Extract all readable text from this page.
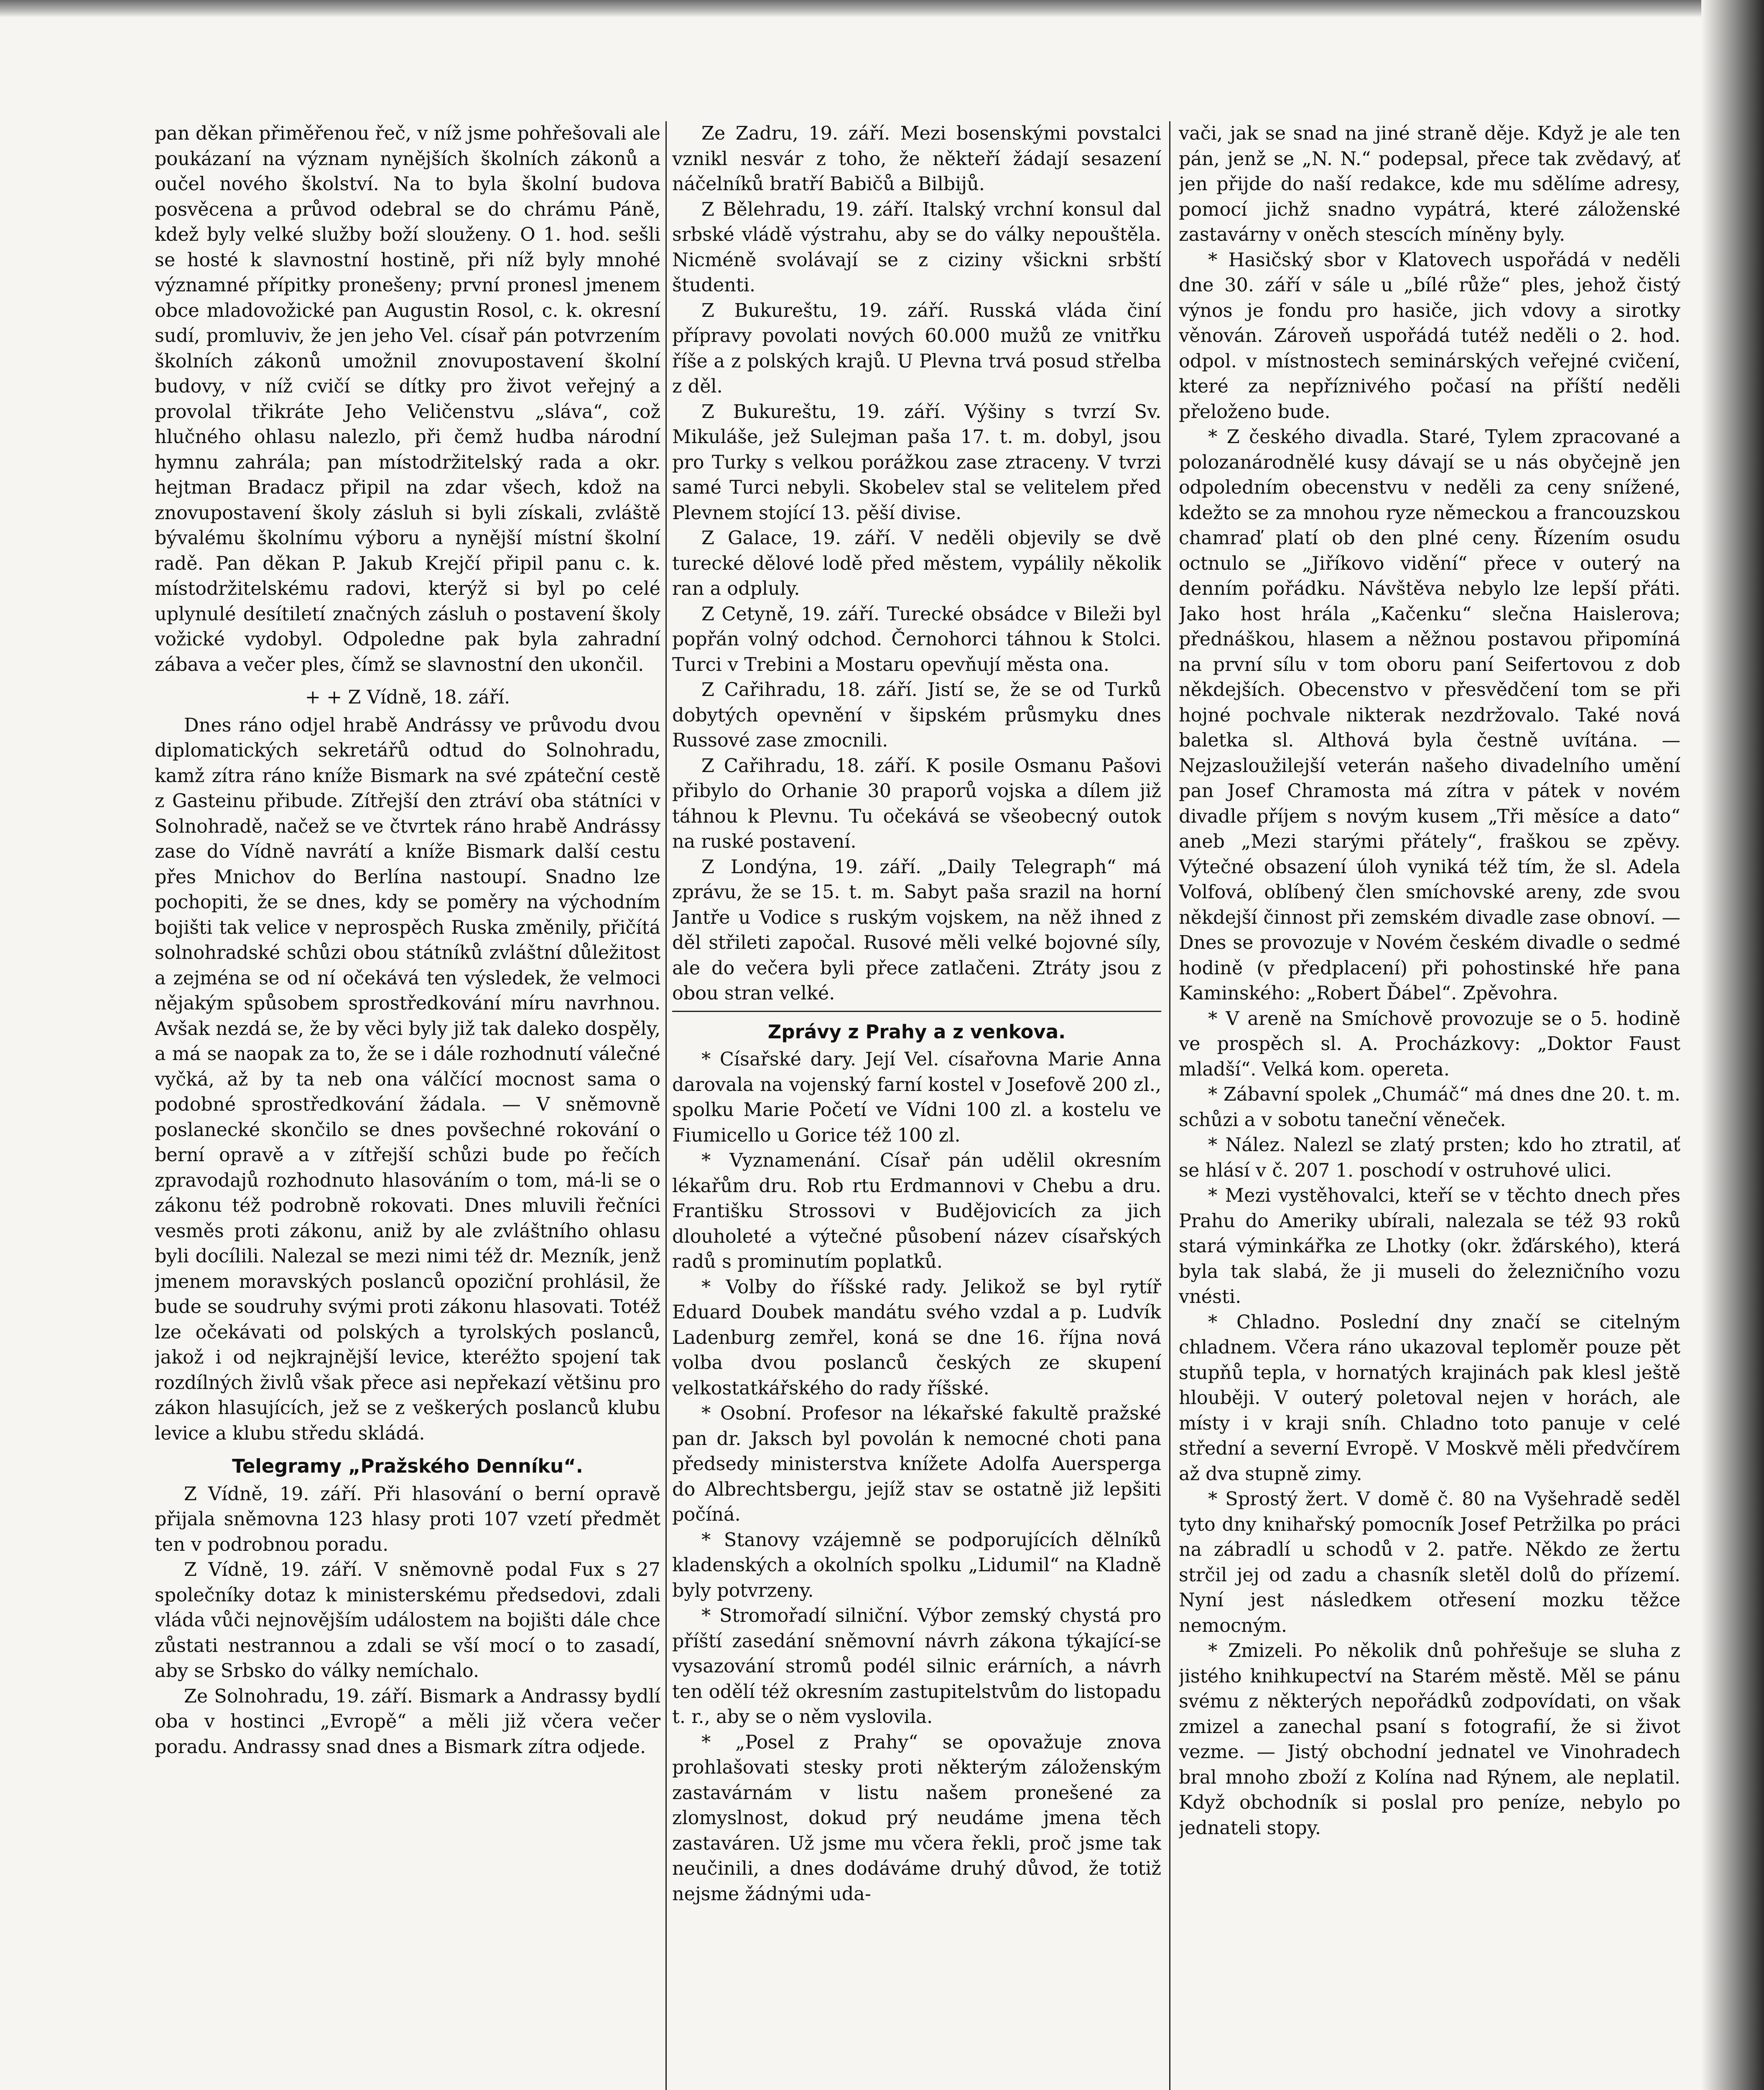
pan děkan přiměřenou řeč, v níž jsme pohřešovali ale poukázaní na význam nynějších školních zákonů a oučel nového školství. Na to byla školní budova posvěcena a průvod odebral se do chrámu Páně, kdež byly velké služby boží slouženy. O 1. hod. sešli se hosté k slavnostní hostině, při níž byly mnohé významné přípitky pronešeny; první pronesl jmenem obce mladovožické pan Augustin Rosol, c. k. okresní sudí, promluviv, že jen jeho Vel. císař pán potvrzením školních zákonů umožnil znovupostavení školní budovy, v níž cvičí se dítky pro život veřejný a provolal třikráte Jeho Veličenstvu „sláva“, což hlučného ohlasu nalezlo, při čemž hudba národní hymnu zahrála; pan místodržitelský rada a okr. hejtman Bradacz připil na zdar všech, kdož na znovupostavení školy zásluh si byli získali, zvláště bývalému školnímu výboru a nynější místní školní radě. Pan děkan P. Jakub Krejčí připil panu c. k. místodržitelskému radovi, kterýž si byl po celé uplynulé desítiletí značných zásluh o postavení školy vožické vydobyl. Odpoledne pak byla zahradní zábava a večer ples, čímž se slavnostní den ukončil.

+ + Z Vídně, 18. září.

Dnes ráno odjel hrabě Andrássy ve průvodu dvou diplomatických sekretářů odtud do Solnohradu, kamž zítra ráno kníže Bismark na své zpáteční cestě z Gasteinu přibude. Zítřejší den ztráví oba státníci v Solnohradě, načež se ve čtvrtek ráno hrabě Andrássy zase do Vídně navrátí a kníže Bismark další cestu přes Mnichov do Berlína nastoupí. Snadno lze pochopiti, že se dnes, kdy se poměry na východním bojišti tak velice v neprospěch Ruska změnily, přičítá solnohradské schůzi obou státníků zvláštní důležitost a zejména se od ní očekává ten výsledek, že velmoci nějakým spůsobem sprostředkování míru navrhnou. Avšak nezdá se, že by věci byly již tak daleko dospěly, a má se naopak za to, že se i dále rozhodnutí válečné vyčká, až by ta neb ona válčící mocnost sama o podobné sprostředkování žádala. — V sněmovně poslanecké skončilo se dnes povšechné rokování o berní opravě a v zítřejší schůzi bude po řečích zpravodajů rozhodnuto hlasováním o tom, má-li se o zákonu též podrobně rokovati. Dnes mluvili řečníci vesměs proti zákonu, aniž by ale zvláštního ohlasu byli docílili. Nalezal se mezi nimi též dr. Mezník, jenž jmenem moravských poslanců opoziční prohlásil, že bude se soudruhy svými proti zákonu hlasovati. Totéž lze očekávati od polských a tyrolských poslanců, jakož i od nejkrajnější levice, kteréžto spojení tak rozdílných živlů však přece asi nepřekazí většinu pro zákon hlasujících, jež se z veškerých poslanců klubu levice a klubu středu skládá.

Telegramy „Pražského Denníku“.

Z Vídně, 19. září. Při hlasování o berní opravě přijala sněmovna 123 hlasy proti 107 vzetí předmět ten v podrobnou poradu.

Z Vídně, 19. září. V sněmovně podal Fux s 27 společníky dotaz k ministerskému předsedovi, zdali vláda vůči nejnovějším událostem na bojišti dále chce zůstati nestrannou a zdali se vší mocí o to zasadí, aby se Srbsko do války nemíchalo.

Ze Solnohradu, 19. září. Bismark a Andrassy bydlí oba v hostinci „Evropě“ a měli již včera večer poradu. Andrassy snad dnes a Bismark zítra odjede.

Ze Zadru, 19. září. Mezi bosenskými povstalci vznikl nesvár z toho, že někteří žádají sesazení náčelníků bratří Babičů a Bilbijů.

Z Bělehradu, 19. září. Italský vrchní konsul dal srbské vládě výstrahu, aby se do války nepouštěla. Nicméně svolávají se z ciziny všickni srbští študenti.

Z Bukureštu, 19. září. Russká vláda činí přípravy povolati nových 60.000 mužů ze vnitřku říše a z polských krajů. U Plevna trvá posud střelba z děl.

Z Bukureštu, 19. září. Výšiny s tvrzí Sv. Mikuláše, jež Sulejman paša 17. t. m. dobyl, jsou pro Turky s velkou porážkou zase ztraceny. V tvrzi samé Turci nebyli. Skobelev stal se velitelem před Plevnem stojící 13. pěší divise.

Z Galace, 19. září. V neděli objevily se dvě turecké dělové lodě před městem, vypálily několik ran a odpluly.

Z Cetyně, 19. září. Turecké obsádce v Bileži byl popřán volný odchod. Černohorci táhnou k Stolci. Turci v Trebini a Mostaru opevňují města ona.

Z Cařihradu, 18. září. Jistí se, že se od Turků dobytých opevnění v šipském průsmyku dnes Russové zase zmocnili.

Z Cařihradu, 18. září. K posile Osmanu Pašovi přibylo do Orhanie 30 praporů vojska a dílem již táhnou k Plevnu. Tu očekává se všeobecný outok na ruské postavení.

Z Londýna, 19. září. „Daily Telegraph“ má zprávu, že se 15. t. m. Sabyt paša srazil na horní Jantře u Vodice s ruským vojskem, na něž ihned z děl střileti započal. Rusové měli velké bojovné síly, ale do večera byli přece zatlačeni. Ztráty jsou z obou stran velké.

Zprávy z Prahy a z venkova.

* Císařské dary. Její Vel. císařovna Marie Anna darovala na vojenský farní kostel v Josefově 200 zl., spolku Marie Početí ve Vídni 100 zl. a kostelu ve Fiumicello u Gorice též 100 zl.

* Vyznamenání. Císař pán udělil okresním lékařům dru. Rob rtu Erdmannovi v Chebu a dru. Františku Strossovi v Budějovicích za jich dlouholeté a výtečné působení název císařských radů s prominutím poplatků.

* Volby do říšské rady. Jelikož se byl rytíř Eduard Doubek mandátu svého vzdal a p. Ludvík Ladenburg zemřel, koná se dne 16. října nová volba dvou poslanců českých ze skupení velkostatkářského do rady říšské.

* Osobní. Profesor na lékařské fakultě pražské pan dr. Jaksch byl povolán k nemocné choti pana předsedy ministerstva knížete Adolfa Auersperga do Albrechtsbergu, jejíž stav se ostatně již lepšiti počíná.

* Stanovy vzájemně se podporujících dělníků kladenských a okolních spolku „Lidumil“ na Kladně byly potvrzeny.

* Stromořadí silniční. Výbor zemský chystá pro příští zasedání sněmovní návrh zákona týkající-se vysazování stromů podél silnic erárních, a návrh ten odělí též okresním zastupitelstvům do listopadu t. r., aby se o něm vyslovila.

* „Posel z Prahy“ se opovažuje znova prohlašovati stesky proti některým záloženským zastavárnám v listu našem pronešené za zlomyslnost, dokud prý neudáme jmena těch zastaváren. Už jsme mu včera řekli, proč jsme tak neučinili, a dnes dodáváme druhý důvod, že totiž nejsme žádnými uda-

vači, jak se snad na jiné straně děje. Když je ale ten pán, jenž se „N. N.“ podepsal, přece tak zvědavý, ať jen přijde do naší redakce, kde mu sdělíme adresy, pomocí jichž snadno vypátrá, které záloženské zastavárny v oněch stescích míněny byly.

* Hasičský sbor v Klatovech uspořádá v neděli dne 30. září v sále u „bílé růže“ ples, jehož čistý výnos je fondu pro hasiče, jich vdovy a sirotky věnován. Zároveň uspořádá tutéž neděli o 2. hod. odpol. v místnostech seminárských veřejné cvičení, které za nepříznivého počasí na příští neděli přeloženo bude.

* Z českého divadla. Staré, Tylem zpracované a polozanárodnělé kusy dávají se u nás obyčejně jen odpoledním obecenstvu v neděli za ceny snížené, kdežto se za mnohou ryze německou a francouzskou chamraď platí ob den plné ceny. Řízením osudu octnulo se „Jiříkovo vidění“ přece v outerý na denním pořádku. Návštěva nebylo lze lepší přáti. Jako host hrála „Kačenku“ slečna Haislerova; přednáškou, hlasem a něžnou postavou připomíná na první sílu v tom oboru paní Seifertovou z dob někdejších. Obecenstvo v přesvědčení tom se při hojné pochvale nikterak nezdržovalo. Také nová baletka sl. Althová byla čestně uvítána. — Nejzasloužilejší veterán našeho divadelního umění pan Josef Chramosta má zítra v pátek v novém divadle příjem s novým kusem „Tři měsíce a dato“ aneb „Mezi starými přátely“, fraškou se zpěvy. Výtečné obsazení úloh vyniká též tím, že sl. Adela Volfová, oblíbený člen smíchovské areny, zde svou někdejší činnost při zemském divadle zase obnoví. — Dnes se provozuje v Novém českém divadle o sedmé hodině (v předplacení) při pohostinské hře pana Kaminského: „Robert Ďábel“. Zpěvohra.

* V areně na Smíchově provozuje se o 5. hodině ve prospěch sl. A. Procházkovy: „Doktor Faust mladší“. Velká kom. opereta.

* Zábavní spolek „Chumáč“ má dnes dne 20. t. m. schůzi a v sobotu taneční věneček.

* Nález. Nalezl se zlatý prsten; kdo ho ztratil, ať se hlásí v č. 207 1. poschodí v ostruhové ulici.

* Mezi vystěhovalci, kteří se v těchto dnech přes Prahu do Ameriky ubírali, nalezala se též 93 roků stará výminkářka ze Lhotky (okr. žďárského), která byla tak slabá, že ji museli do železničního vozu vnésti.

* Chladno. Poslední dny značí se citelným chladnem. Včera ráno ukazoval teploměr pouze pět stupňů tepla, v hornatých krajinách pak klesl ještě hlouběji. V outerý poletoval nejen v horách, ale místy i v kraji sníh. Chladno toto panuje v celé střední a severní Evropě. V Moskvě měli předvčírem až dva stupně zimy.

* Sprostý žert. V domě č. 80 na Vyšehradě seděl tyto dny knihařský pomocník Josef Petržilka po práci na zábradlí u schodů v 2. patře. Někdo ze žertu strčil jej od zadu a chasník sletěl dolů do přízemí. Nyní jest následkem otřesení mozku těžce nemocným.

* Zmizeli. Po několik dnů pohřešuje se sluha z jistého knihkupectví na Starém městě. Měl se pánu svému z některých nepořádků zodpovídati, on však zmizel a zanechal psaní s fotografií, že si život vezme. — Jistý obchodní jednatel ve Vinohradech bral mnoho zboží z Kolína nad Rýnem, ale neplatil. Když obchodník si poslal pro peníze, nebylo po jednateli stopy.
